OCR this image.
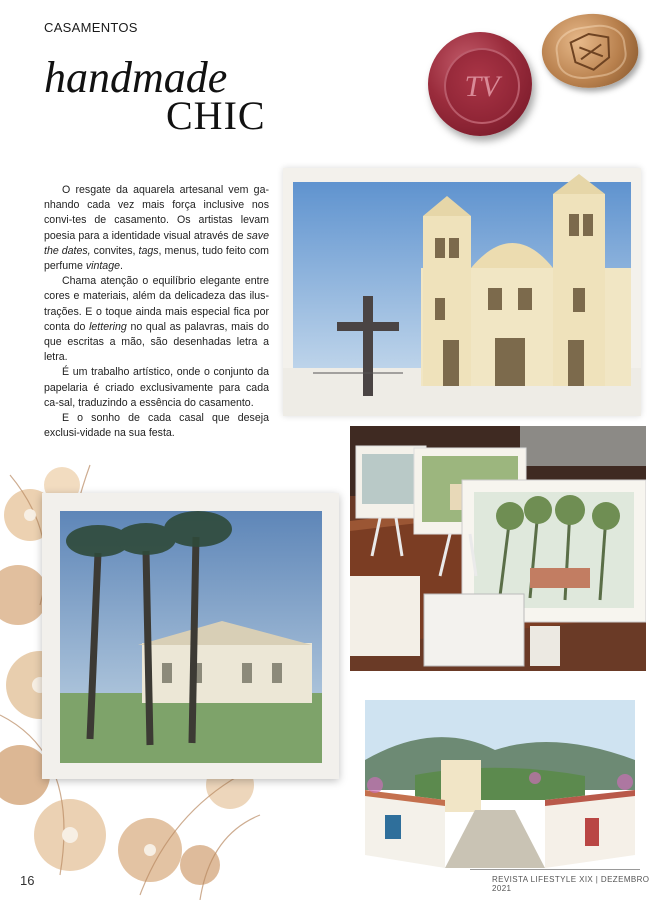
CASAMENTOS
handmade
CHIC
TV

O resgate da aquarela artesanal vem ga-nhando cada vez mais força inclusive nos convi-tes de casamento. Os artistas levam poesia para a identidade visual através de save the dates, convites, tags, menus, tudo feito com perfume vintage.

Chama atenção o equilíbrio elegante entre cores e materiais, além da delicadeza das ilus-trações. E o toque ainda mais especial fica por conta do lettering no qual as palavras, mais do que escritas a mão, são desenhadas letra a letra.

É um trabalho artístico, onde o conjunto da papelaria é criado exclusivamente para cada ca-sal, traduzindo a essência do casamento.

E o sonho de cada casal que deseja exclusi-vidade na sua festa.

REVISTA LIFESTYLE XIX | DEZEMBRO 2021
16
